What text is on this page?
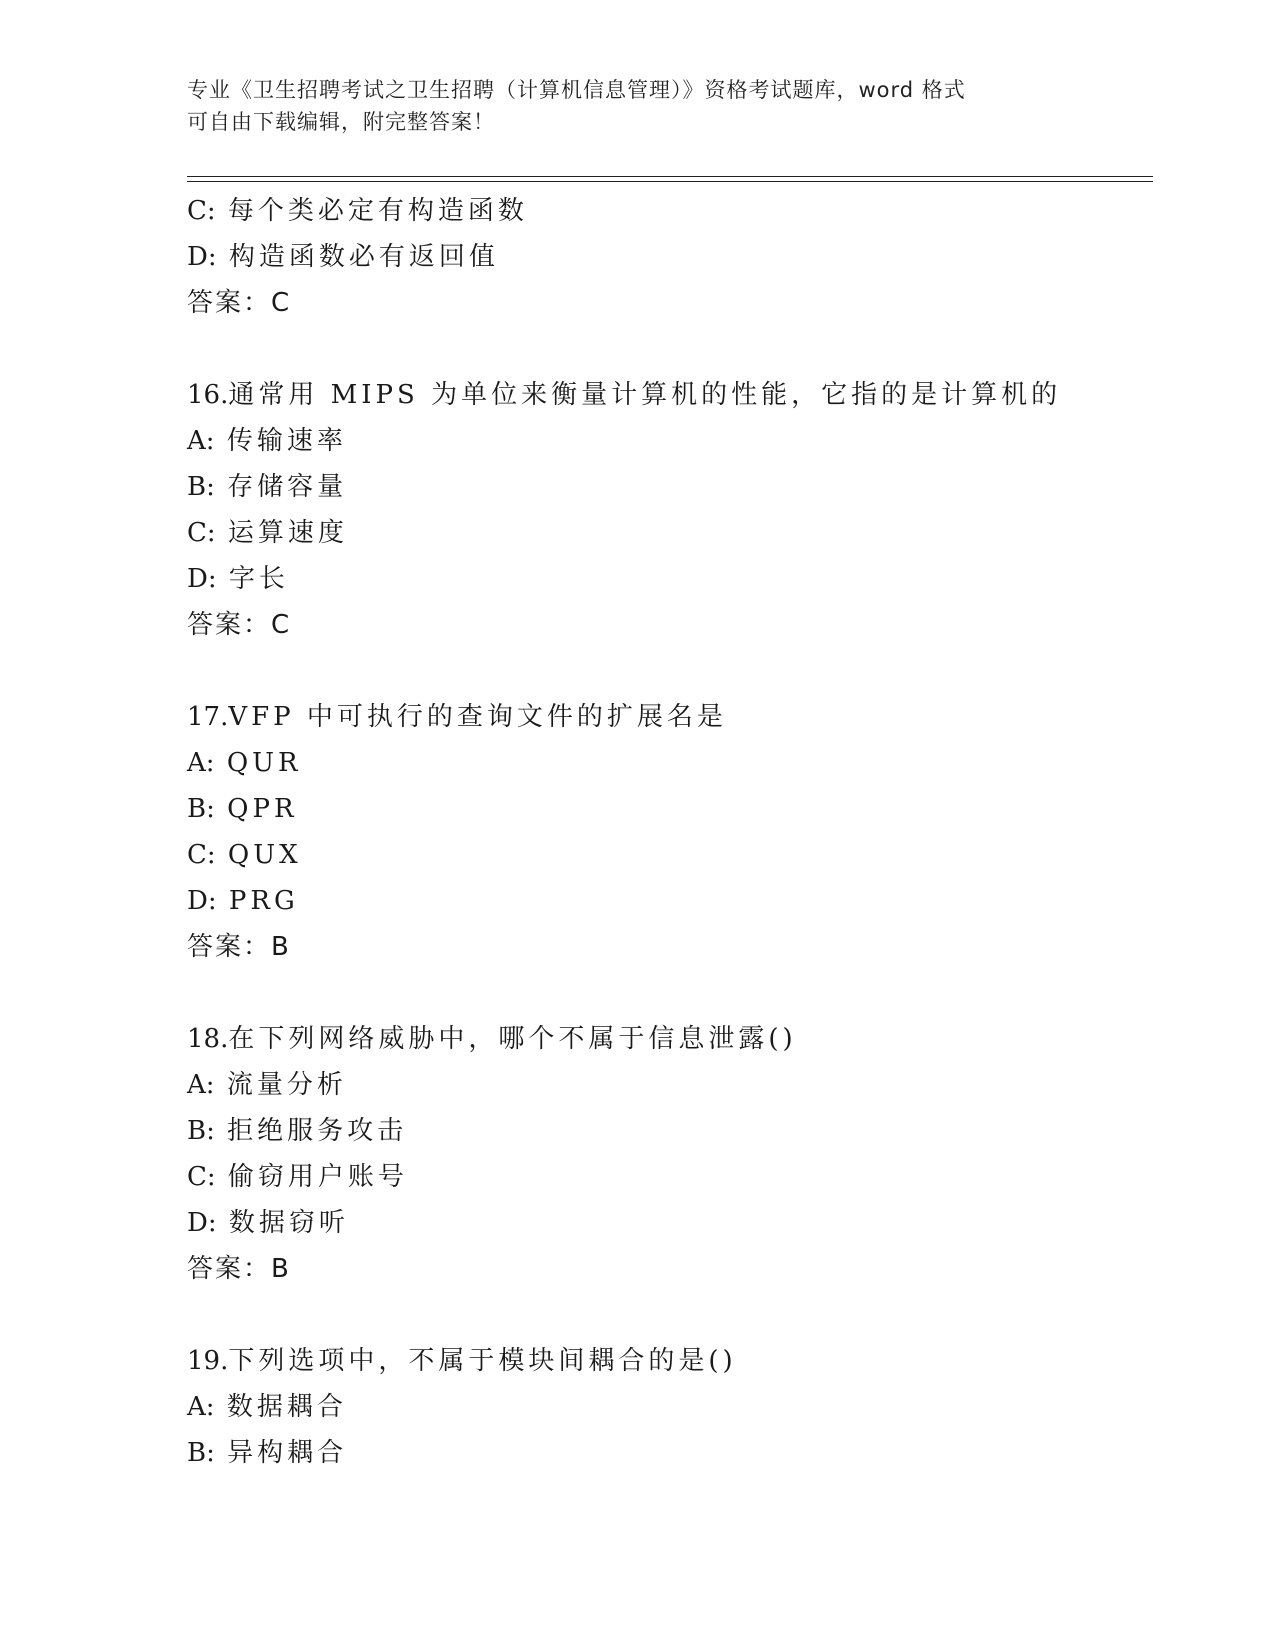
专业《卫生招聘考试之卫生招聘（计算机信息管理）》资格考试题库，word 格式
可自由下载编辑，附完整答案！
C: 每个类必定有构造函数
D: 构造函数必有返回值
答案：C
16.通常用 MIPS 为单位来衡量计算机的性能，它指的是计算机的
A: 传输速率
B: 存储容量
C: 运算速度
D: 字长
答案：C
17.VFP 中可执行的查询文件的扩展名是
A: QUR
B: QPR
C: QUX
D: PRG
答案：B
18.在下列网络威胁中，哪个不属于信息泄露()
A: 流量分析
B: 拒绝服务攻击
C: 偷窃用户账号
D: 数据窃听
答案：B
19.下列选项中，不属于模块间耦合的是()
A: 数据耦合
B: 异构耦合
